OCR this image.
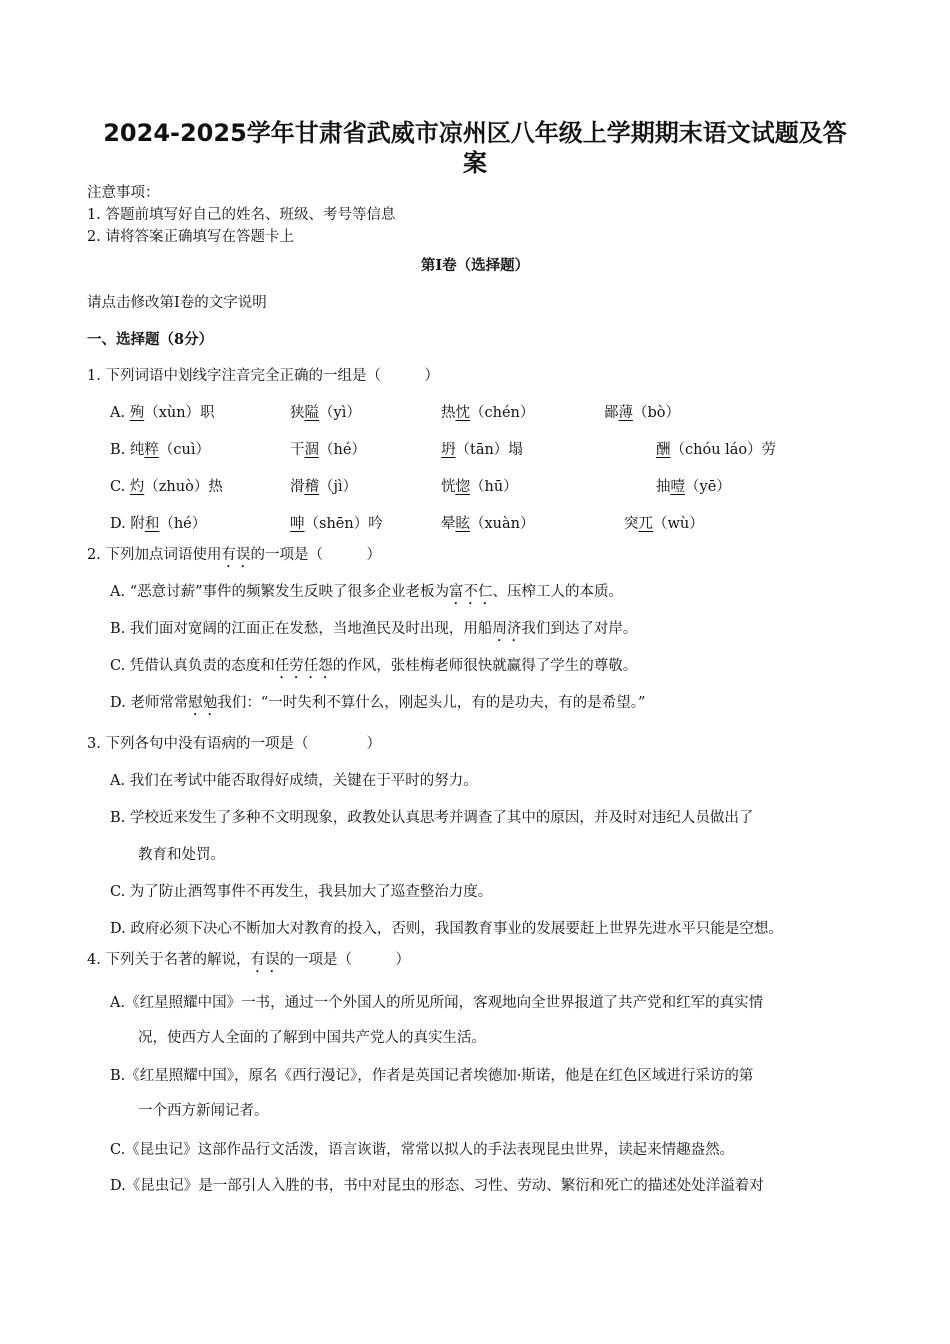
2024-2025学年甘肃省武威市凉州区八年级上学期期末语文试题及答
案
注意事项：
1. 答题前填写好自己的姓名、班级、考号等信息
2. 请将答案正确填写在答题卡上
第I卷（选择题）
请点击修改第I卷的文字说明
一、选择题（8分）
1. 下列词语中划线字注音完全正确的一组是（　　　）
A. 殉（xùn）职	狭隘（yì）	热忱（chén）	鄙薄（bò）
B. 纯粹（cuì）	干涸（hé）	坍（tān）塌	酬（chóu láo）劳
C. 灼（zhuò）热	滑稽（jì）	恍惚（hū）	抽噎（yē）
D. 附和（hé）	呻（shēn）吟	晕眩（xuàn）	突兀（wù）
2. 下列加点词语使用有误的一项是（　　　）
A. “恶意讨薪”事件的频繁发生反映了很多企业老板为富不仁、压榨工人的本质。
B. 我们面对宽阔的江面正在发愁，当地渔民及时出现，用船周济我们到达了对岸。
C. 凭借认真负责的态度和任劳任怨的作风，张桂梅老师很快就赢得了学生的尊敬。
D. 老师常常慰勉我们：“一时失利不算什么，刚起头儿，有的是功夫，有的是希望。”
3. 下列各句中没有语病的一项是（　　　　）
A. 我们在考试中能否取得好成绩，关键在于平时的努力。
B. 学校近来发生了多种不文明现象，政教处认真思考并调查了其中的原因，并及时对违纪人员做出了
教育和处罚。
C. 为了防止酒驾事件不再发生，我县加大了巡查整治力度。
D. 政府必须下决心不断加大对教育的投入，否则，我国教育事业的发展要赶上世界先进水平只能是空想。
4. 下列关于名著的解说，有误的一项是（　　　）
A.《红星照耀中国》一书，通过一个外国人的所见所闻，客观地向全世界报道了共产党和红军的真实情
况，使西方人全面的了解到中国共产党人的真实生活。
B.《红星照耀中国》，原名《西行漫记》，作者是英国记者埃德加·斯诺，他是在红色区域进行采访的第
一个西方新闻记者。
C.《昆虫记》这部作品行文活泼，语言诙谐，常常以拟人的手法表现昆虫世界，读起来情趣盎然。
D.《昆虫记》是一部引人入胜的书，书中对昆虫的形态、习性、劳动、繁衍和死亡的描述处处洋溢着对
